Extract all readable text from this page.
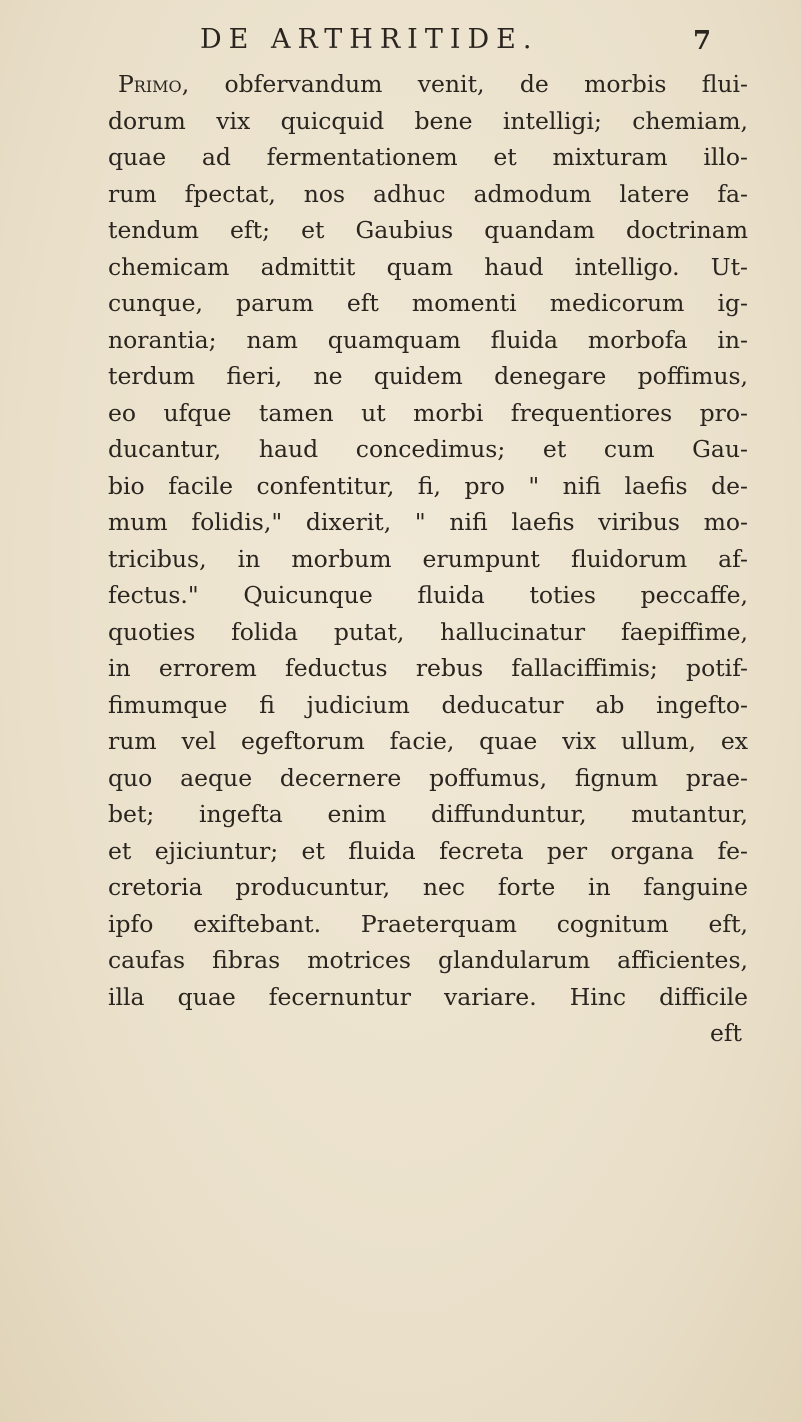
DE ARTHRITIDE.	7
Primo, obfervandum venit, de morbis flui-
dorum vix quicquid bene intelligi; chemiam,
quae ad fermentationem et mixturam illo-
rum fpectat, nos adhuc admodum latere fa-
tendum eft; et Gaubius quandam doctrinam
chemicam admittit quam haud intelligo. Ut-
cunque, parum eft momenti medicorum ig-
norantia; nam quamquam fluida morbofa in-
terdum fieri, ne quidem denegare poffimus,
eo ufque tamen ut morbi frequentiores pro-
ducantur, haud concedimus; et cum Gau-
bio facile confentitur, fi, pro " nifi laefis de-
mum folidis," dixerit, " nifi laefis viribus mo-
tricibus, in morbum erumpunt fluidorum af-
fectus." Quicunque fluida toties peccaffe,
quoties folida putat, hallucinatur faepiffime,
in errorem feductus rebus fallaciffimis; potif-
fimumque fi judicium deducatur ab ingefto-
rum vel egeftorum facie, quae vix ullum, ex
quo aeque decernere poffumus, fignum prae-
bet; ingefta enim diffunduntur, mutantur,
et ejiciuntur; et fluida fecreta per organa fe-
cretoria producuntur, nec forte in fanguine
ipfo exiftebant. Praeterquam cognitum eft,
caufas fibras motrices glandularum afficientes,
illa quae fecernuntur variare. Hinc difficile
eft
